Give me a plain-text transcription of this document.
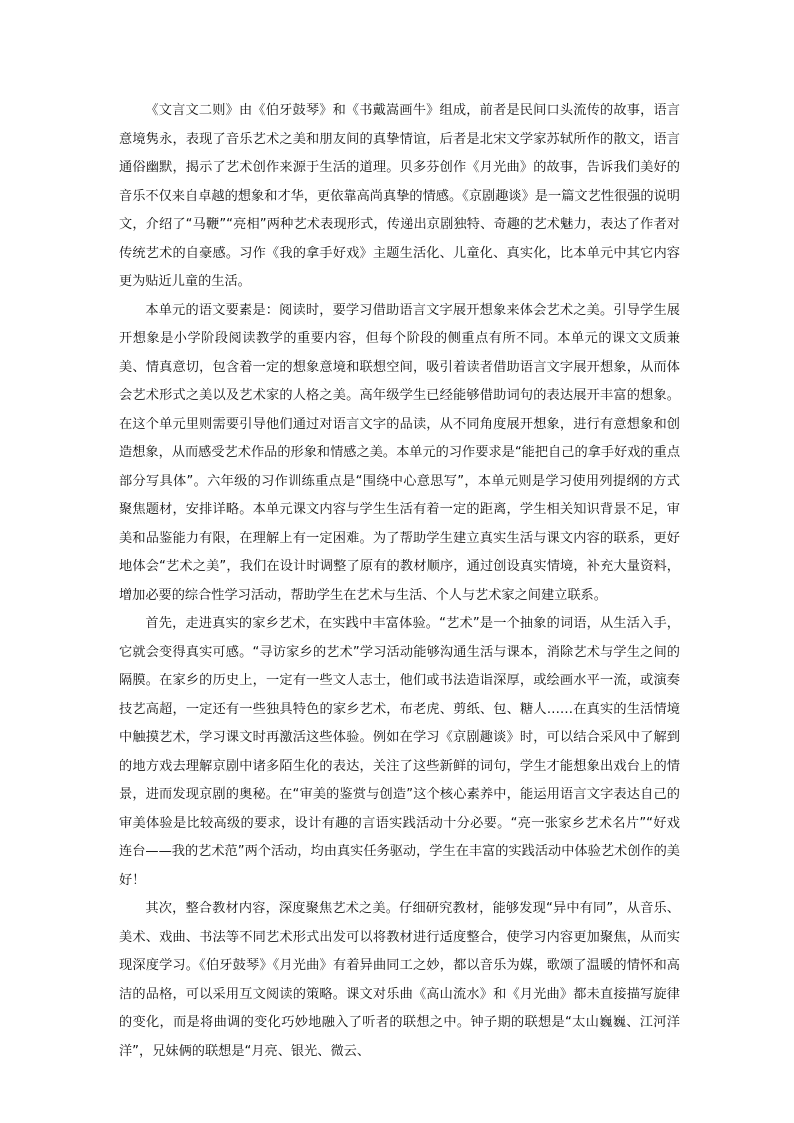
《文言文二则》由《伯牙鼓琴》和《书戴嵩画牛》组成，前者是民间口头流传的故事，语言意境隽永，表现了音乐艺术之美和朋友间的真挚情谊，后者是北宋文学家苏轼所作的散文，语言通俗幽默，揭示了艺术创作来源于生活的道理。贝多芬创作《月光曲》的故事，告诉我们美好的音乐不仅来自卓越的想象和才华，更依靠高尚真挚的情感。《京剧趣谈》是一篇文艺性很强的说明文，介绍了“马鞭”“亮相”两种艺术表现形式，传递出京剧独特、奇趣的艺术魅力，表达了作者对传统艺术的自豪感。习作《我的拿手好戏》主题生活化、儿童化、真实化，比本单元中其它内容更为贴近儿童的生活。

本单元的语文要素是：阅读时，要学习借助语言文字展开想象来体会艺术之美。引导学生展开想象是小学阶段阅读教学的重要内容，但每个阶段的侧重点有所不同。本单元的课文文质兼美、情真意切，包含着一定的想象意境和联想空间，吸引着读者借助语言文字展开想象，从而体会艺术形式之美以及艺术家的人格之美。高年级学生已经能够借助词句的表达展开丰富的想象。在这个单元里则需要引导他们通过对语言文字的品读，从不同角度展开想象，进行有意想象和创造想象，从而感受艺术作品的形象和情感之美。本单元的习作要求是“能把自己的拿手好戏的重点部分写具体”。六年级的习作训练重点是“围绕中心意思写”，本单元则是学习使用列提纲的方式聚焦题材，安排详略。本单元课文内容与学生生活有着一定的距离，学生相关知识背景不足，审美和品鉴能力有限，在理解上有一定困难。为了帮助学生建立真实生活与课文内容的联系，更好地体会“艺术之美”，我们在设计时调整了原有的教材顺序，通过创设真实情境，补充大量资料，增加必要的综合性学习活动，帮助学生在艺术与生活、个人与艺术家之间建立联系。

首先，走进真实的家乡艺术，在实践中丰富体验。“艺术”是一个抽象的词语，从生活入手，它就会变得真实可感。“寻访家乡的艺术”学习活动能够沟通生活与课本，消除艺术与学生之间的隔膜。在家乡的历史上，一定有一些文人志士，他们或书法造诣深厚，或绘画水平一流，或演奏技艺高超，一定还有一些独具特色的家乡艺术，布老虎、剪纸、包、糖人……在真实的生活情境中触摸艺术，学习课文时再激活这些体验。例如在学习《京剧趣谈》时，可以结合采风中了解到的地方戏去理解京剧中诸多陌生化的表达，关注了这些新鲜的词句，学生才能想象出戏台上的情景，进而发现京剧的奥秘。在“审美的鉴赏与创造”这个核心素养中，能运用语言文字表达自己的审美体验是比较高级的要求，设计有趣的言语实践活动十分必要。“亮一张家乡艺术名片”“好戏连台——我的艺术范”两个活动，均由真实任务驱动，学生在丰富的实践活动中体验艺术创作的美好！

其次，整合教材内容，深度聚焦艺术之美。仔细研究教材，能够发现“异中有同”，从音乐、美术、戏曲、书法等不同艺术形式出发可以将教材进行适度整合，使学习内容更加聚焦，从而实现深度学习。《伯牙鼓琴》《月光曲》有着异曲同工之妙，都以音乐为媒，歌颂了温暖的情怀和高洁的品格，可以采用互文阅读的策略。课文对乐曲《高山流水》和《月光曲》都未直接描写旋律的变化，而是将曲调的变化巧妙地融入了听者的联想之中。钟子期的联想是“太山巍巍、江河洋洋”，兄妹俩的联想是“月亮、银光、微云、
